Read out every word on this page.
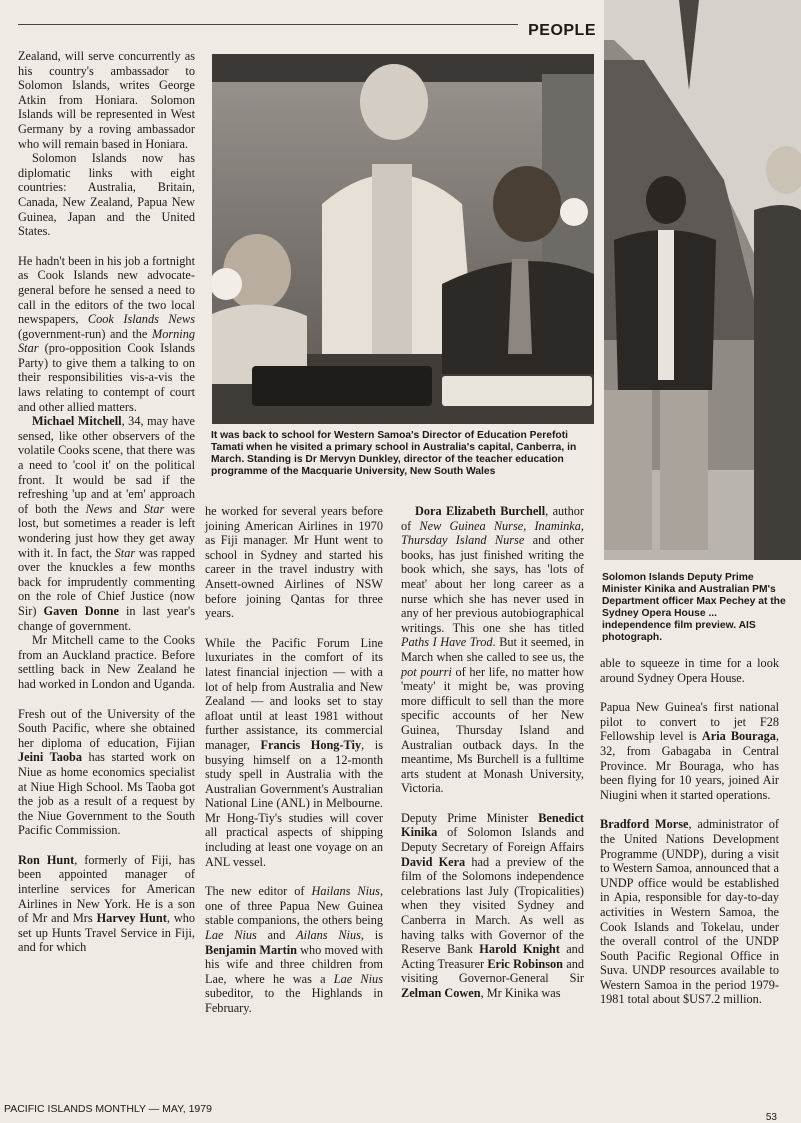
PEOPLE
It was back to school for Western Samoa's Director of Education Perefoti Tamati when he visited a primary school in Australia's capital, Canberra, in March. Standing is Dr Mervyn Dunkley, director of the teacher education programme of the Macquarie University, New South Wales
Solomon Islands Deputy Prime Minister Kinika and Australian PM's Department officer Max Pechey at the Sydney Opera House ... independence film preview. AIS photograph.

Zealand, will serve concurrently as his country's ambassador to Solomon Islands, writes George Atkin from Honiara. Solomon Islands will be represented in West Germany by a roving ambassador who will remain based in Honiara.

Solomon Islands now has diplomatic links with eight countries: Australia, Britain, Canada, New Zealand, Papua New Guinea, Japan and the United States.

He hadn't been in his job a fortnight as Cook Islands new advocate-general before he sensed a need to call in the editors of the two local newspapers, Cook Islands News (government-run) and the Morning Star (pro-opposition Cook Islands Party) to give them a talking to on their responsibilities vis-a-vis the laws relating to contempt of court and other allied matters.

Michael Mitchell, 34, may have sensed, like other observers of the volatile Cooks scene, that there was a need to 'cool it' on the political front. It would be sad if the refreshing 'up and at 'em' approach of both the News and Star were lost, but sometimes a reader is left wondering just how they get away with it. In fact, the Star was rapped over the knuckles a few months back for imprudently commenting on the role of Chief Justice (now Sir) Gaven Donne in last year's change of government.

Mr Mitchell came to the Cooks from an Auckland practice. Before settling back in New Zealand he had worked in London and Uganda.

Fresh out of the University of the South Pacific, where she obtained her diploma of education, Fijian Jeini Taoba has started work on Niue as home economics specialist at Niue High School. Ms Taoba got the job as a result of a request by the Niue Government to the South Pacific Commission.

Ron Hunt, formerly of Fiji, has been appointed manager of interline services for American Airlines in New York. He is a son of Mr and Mrs Harvey Hunt, who set up Hunts Travel Service in Fiji, and for which

he worked for several years before joining American Airlines in 1970 as Fiji manager. Mr Hunt went to school in Sydney and started his career in the travel industry with Ansett-owned Airlines of NSW before joining Qantas for three years.

While the Pacific Forum Line luxuriates in the comfort of its latest financial injection — with a lot of help from Australia and New Zealand — and looks set to stay afloat until at least 1981 without further assistance, its commercial manager, Francis Hong-Tiy, is busying himself on a 12-month study spell in Australia with the Australian Government's Australian National Line (ANL) in Melbourne. Mr Hong-Tiy's studies will cover all practical aspects of shipping including at least one voyage on an ANL vessel.

The new editor of Hailans Nius, one of three Papua New Guinea stable companions, the others being Lae Nius and Ailans Nius, is Benjamin Martin who moved with his wife and three children from Lae, where he was a Lae Nius subeditor, to the Highlands in February.

Dora Elizabeth Burchell, author of New Guinea Nurse, Inaminka, Thursday Island Nurse and other books, has just finished writing the book which, she says, has 'lots of meat' about her long career as a nurse which she has never used in any of her previous autobiographical writings. This one she has titled Paths I Have Trod. But it seemed, in March when she called to see us, the pot pourri of her life, no matter how 'meaty' it might be, was proving more difficult to sell than the more specific accounts of her New Guinea, Thursday Island and Australian outback days. In the meantime, Ms Burchell is a fulltime arts student at Monash University, Victoria.

Deputy Prime Minister Benedict Kinika of Solomon Islands and Deputy Secretary of Foreign Affairs David Kera had a preview of the film of the Solomons independence celebrations last July (Tropicalities) when they visited Sydney and Canberra in March. As well as having talks with Governor of the Reserve Bank Harold Knight and Acting Treasurer Eric Robinson and visiting Governor-General Sir Zelman Cowen, Mr Kinika was

able to squeeze in time for a look around Sydney Opera House.

Papua New Guinea's first national pilot to convert to jet F28 Fellowship level is Aria Bouraga, 32, from Gabagaba in Central Province. Mr Bouraga, who has been flying for 10 years, joined Air Niugini when it started operations.

Bradford Morse, administrator of the United Nations Development Programme (UNDP), during a visit to Western Samoa, announced that a UNDP office would be established in Apia, responsible for day-to-day activities in Western Samoa, the Cook Islands and Tokelau, under the overall control of the UNDP South Pacific Regional Office in Suva. UNDP resources available to Western Samoa in the period 1979-1981 total about $US7.2 million.

PACIFIC ISLANDS MONTHLY — MAY, 1979
53
